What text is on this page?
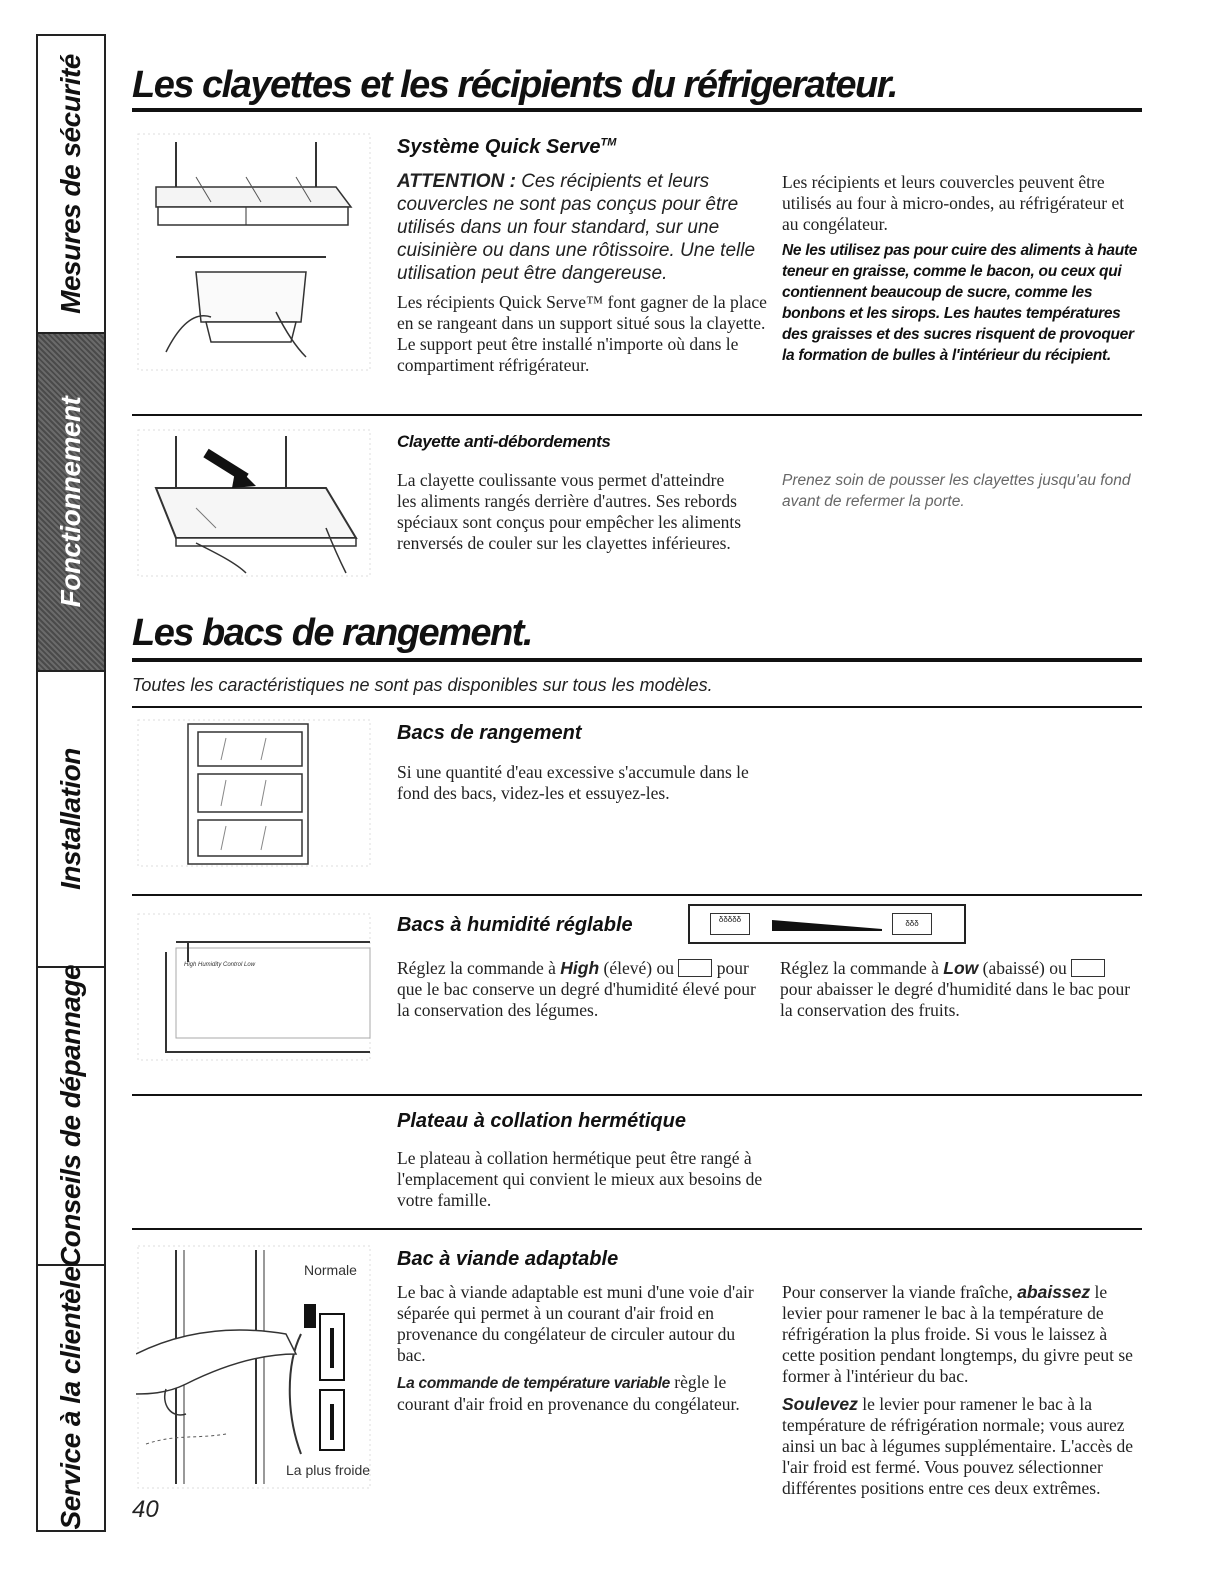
Mesures de sécurité
Fonctionnement
Installation
Conseils de dépannage
Service à la clientèle
Les clayettes et les récipients du réfrigerateur.
Système Quick Serve™

ATTENTION : Ces récipients et leurs couvercles ne sont pas conçus pour être utilisés dans un four standard, sur une cuisinière ou dans une rôtissoire. Une telle utilisation peut être dangereuse.

Les récipients Quick Serve™ font gagner de la place en se rangeant dans un support situé sous la clayette. Le support peut être installé n'importe où dans le compartiment réfrigérateur.

Les récipients et leurs couvercles peuvent être utilisés au four à micro-ondes, au réfrigérateur et au congélateur.

Ne les utilisez pas pour cuire des aliments à haute teneur en graisse, comme le bacon, ou ceux qui contiennent beaucoup de sucre, comme les bonbons et les sirops. Les hautes températures des graisses et des sucres risquent de provoquer la formation de bulles à l'intérieur du récipient.

Clayette anti-débordements

La clayette coulissante vous permet d'atteindre les aliments rangés derrière d'autres. Ses rebords spéciaux sont conçus pour empêcher les aliments renversés de couler sur les clayettes inférieures.

Prenez soin de pousser les clayettes jusqu'au fond avant de refermer la porte.

Les bacs de rangement.

Toutes les caractéristiques ne sont pas disponibles sur tous les modèles.

Bacs de rangement

Si une quantité d'eau excessive s'accumule dans le fond des bacs, videz-les et essuyez-les.

High Humidity Control Low
Bacs à humidité réglable	δδδδδ	δδδ

Réglez la commande à High (élevé) ou pour que le bac conserve un degré d'humidité élevé pour la conservation des légumes.

Réglez la commande à Low (abaissé) ou  pour abaisser le degré d'humidité dans le bac pour la conservation des fruits.

Plateau à collation hermétique

Le plateau à collation hermétique peut être rangé à l'emplacement qui convient le mieux aux besoins de votre famille.

Normale
La plus froide
Bac à viande adaptable

Le bac à viande adaptable est muni d'une voie d'air séparée qui permet à un courant d'air froid en provenance du congélateur de circuler autour du bac.

La commande de température variable règle le courant d'air froid en provenance du congélateur.

Pour conserver la viande fraîche, abaissez le levier pour ramener le bac à la température de réfrigération la plus froide. Si vous le laissez à cette position pendant longtemps, du givre peut se former à l'intérieur du bac.

Soulevez le levier pour ramener le bac à la température de réfrigération normale; vous aurez ainsi un bac à légumes supplémentaire. L'accès de l'air froid est fermé. Vous pouvez sélectionner différentes positions entre ces deux extrêmes.

40
